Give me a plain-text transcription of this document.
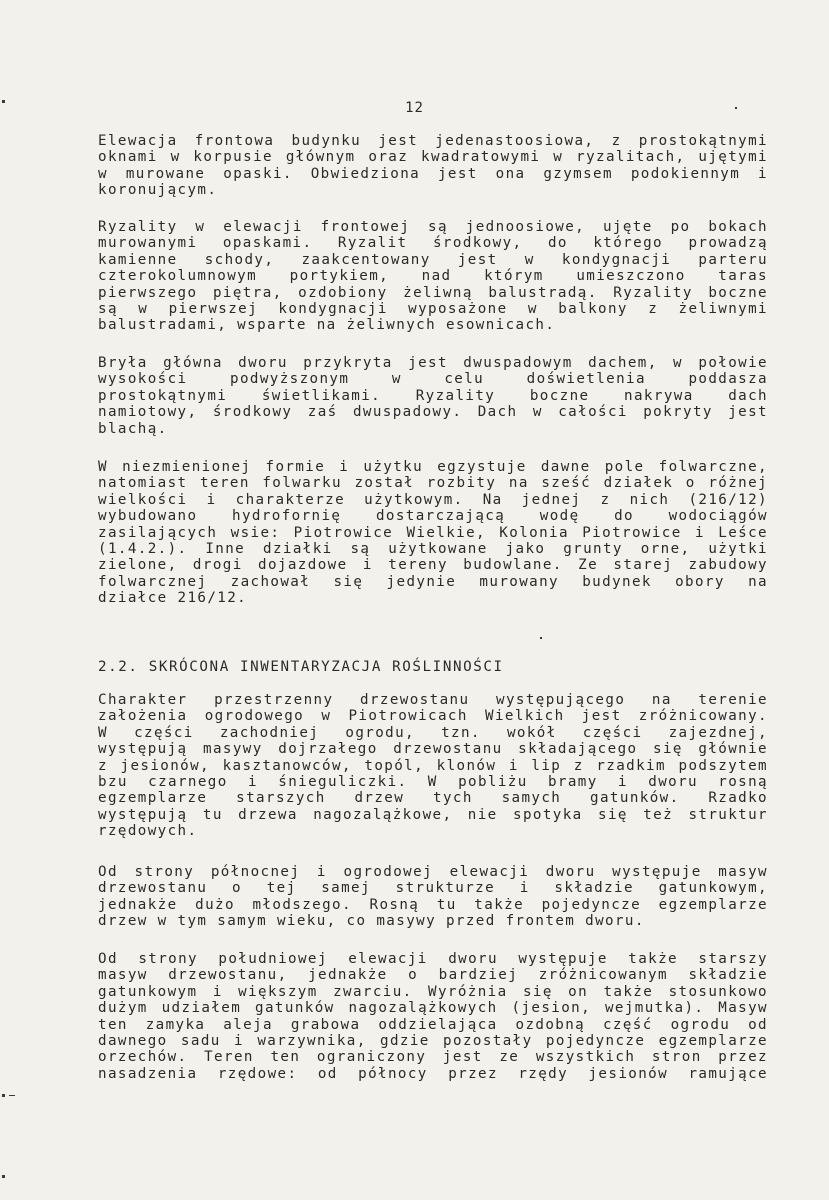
12
Elewacja frontowa budynku jest jedenastoosiowa, z prostokątnymi
oknami w korpusie głównym oraz kwadratowymi w ryzalitach, ujętymi
w murowane opaski. Obwiedziona jest ona gzymsem podokiennym i
koronującym.
Ryzality w elewacji frontowej są jednoosiowe, ujęte po bokach
murowanymi opaskami. Ryzalit środkowy, do którego prowadzą
kamienne schody, zaakcentowany jest w kondygnacji parteru
czterokolumnowym portykiem, nad którym umieszczono taras
pierwszego piętra, ozdobiony żeliwną balustradą. Ryzality boczne
są w pierwszej kondygnacji wyposażone w balkony z żeliwnymi
balustradami, wsparte na żeliwnych esownicach.
Bryła główna dworu przykryta jest dwuspadowym dachem, w połowie
wysokości podwyższonym w celu doświetlenia poddasza
prostokątnymi świetlikami. Ryzality boczne nakrywa dach
namiotowy, środkowy zaś dwuspadowy. Dach w całości pokryty jest
blachą.
W niezmienionej formie i użytku egzystuje dawne pole folwarczne,
natomiast teren folwarku został rozbity na sześć działek o różnej
wielkości i charakterze użytkowym. Na jednej z nich (216/12)
wybudowano hydrofornię dostarczającą wodę do wodociągów
zasilających wsie: Piotrowice Wielkie, Kolonia Piotrowice i Leśce
(1.4.2.). Inne działki są użytkowane jako grunty orne, użytki
zielone, drogi dojazdowe i tereny budowlane. Ze starej zabudowy
folwarcznej zachował się jedynie murowany budynek obory na
działce 216/12.
2.2. SKRÓCONA INWENTARYZACJA ROŚLINNOŚCI
Charakter przestrzenny drzewostanu występującego na terenie
założenia ogrodowego w Piotrowicach Wielkich jest zróżnicowany.
W części zachodniej ogrodu, tzn. wokół części zajezdnej,
występują masywy dojrzałego drzewostanu składającego się głównie
z jesionów, kasztanowców, topól, klonów i lip z rzadkim podszytem
bzu czarnego i śnieguliczki. W pobliżu bramy i dworu rosną
egzemplarze starszych drzew tych samych gatunków. Rzadko
występują tu drzewa nagozalążkowe, nie spotyka się też struktur
rzędowych.
Od strony północnej i ogrodowej elewacji dworu występuje masyw
drzewostanu o tej samej strukturze i składzie gatunkowym,
jednakże dużo młodszego. Rosną tu także pojedyncze egzemplarze
drzew w tym samym wieku, co masywy przed frontem dworu.
Od strony południowej elewacji dworu występuje także starszy
masyw drzewostanu, jednakże o bardziej zróżnicowanym składzie
gatunkowym i większym zwarciu. Wyróżnia się on także stosunkowo
dużym udziałem gatunków nagozalążkowych (jesion, wejmutka). Masyw
ten zamyka aleja grabowa oddzielająca ozdobną część ogrodu od
dawnego sadu i warzywnika, gdzie pozostały pojedyncze egzemplarze
orzechów. Teren ten ograniczony jest ze wszystkich stron przez
nasadzenia rzędowe: od północy przez rzędy jesionów ramujące
